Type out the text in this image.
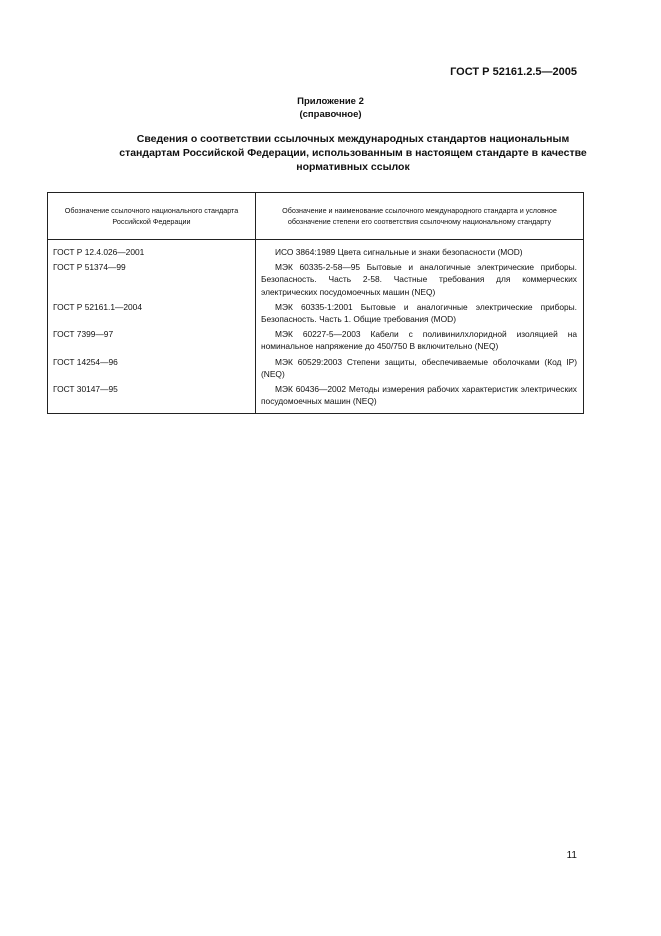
ГОСТ Р 52161.2.5—2005
Приложение 2
(справочное)
Сведения о соответствии ссылочных международных стандартов национальным стандартам Российской Федерации, использованным в настоящем стандарте в качестве нормативных ссылок
Обозначение ссылочного национального стандарта Российской Федерации	Обозначение и наименование ссылочного международного стандарта и условное обозначение степени его соответствия ссылочному национальному стандарту
ГОСТ Р 12.4.026—2001	ИСО 3864:1989 Цвета сигнальные и знаки безопасности (MOD)
ГОСТ Р 51374—99	МЭК 60335-2-58—95 Бытовые и аналогичные электрические приборы. Безопасность. Часть 2-58. Частные требования для коммерческих электрических посудомоечных машин (NEQ)
ГОСТ Р 52161.1—2004	МЭК 60335-1:2001 Бытовые и аналогичные электрические приборы. Безопасность. Часть 1. Общие требования (MOD)
ГОСТ 7399—97	МЭК 60227-5—2003 Кабели с поливинилхлоридной изоляцией на номинальное напряжение до 450/750 В включительно (NEQ)
ГОСТ 14254—96	МЭК 60529:2003 Степени защиты, обеспечиваемые оболочками (Код IP) (NEQ)
ГОСТ 30147—95	МЭК 60436—2002 Методы измерения рабочих характеристик электрических посудомоечных машин (NEQ)
11
